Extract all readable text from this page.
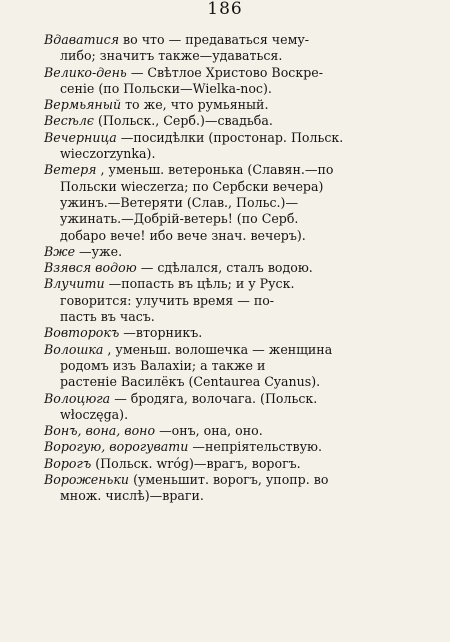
186
Вдаватися во что — предаваться чему-
либо; значитъ также—удаваться.
Велико-день — Свѣтлое Христово Воскре-
сеніе (по Польски—Wielka-noc).
Вермьяный то же, что румьяный.
Весѣлє (Польск., Серб.)—свадьба.
Вечерница —посидѣлки (простонар. Польск.
wieczorzynka).
Ветеря , уменьш. ветеронька (Славян.—по
Польски wieczerza; по Сербски вечера)
ужинъ.—Ветеряти (Слав., Польс.)—
ужинать.—Добрій-ветерь! (по Серб.
добаро вече! ибо вече знач. вечеръ).
Вже —уже.
Взявся водою — сдѣлался, сталъ водою.
Влучити —попасть въ цѣль; и у Руск.
говорится: улучить время — по-
пасть въ часъ.
Вовторокъ —вторникъ.
Волошка , уменьш. волошечка — женщина
родомъ изъ Валахіи; а также и
растеніе Василёкъ (Centaurea Cyanus).
Волоцюга — бродяга, волочага. (Польск.
włoczęga).
Вонъ, вона, воно —онъ, она, оно.
Ворогую, ворогувати —непріятельствую.
Ворогъ (Польск. wróg)—врагъ, ворогъ.
Вороженьки (уменьшит. ворогъ, упопр. во
множ. числѣ)—враги.
